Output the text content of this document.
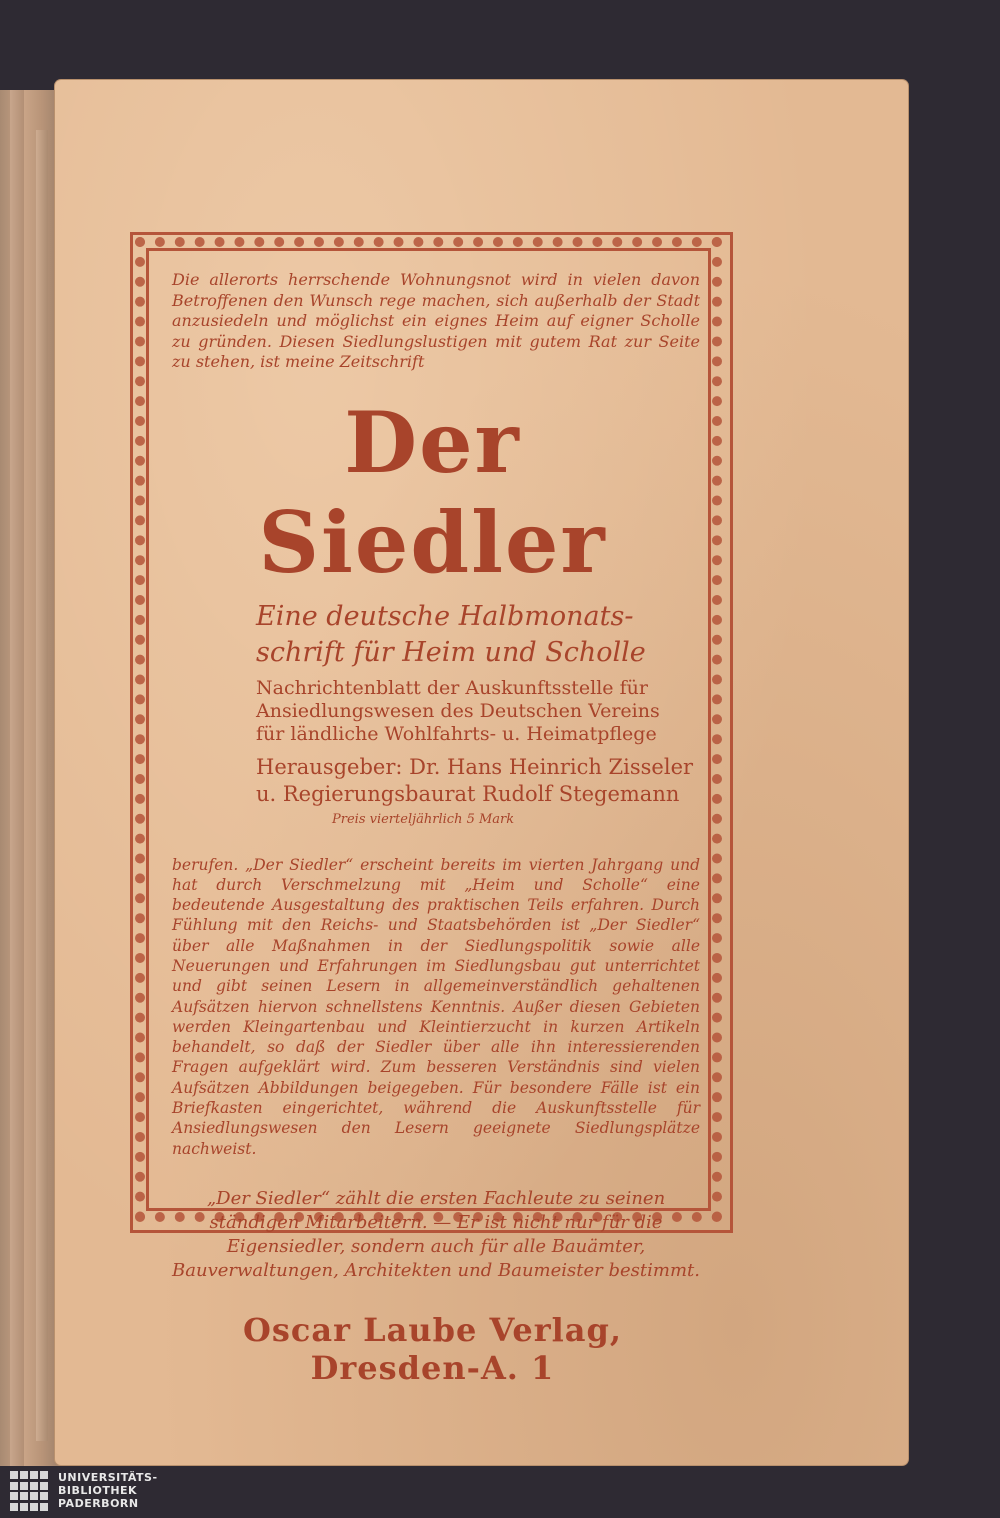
Die allerorts herrschende Wohnungsnot wird in vielen davon Betroffenen den Wunsch rege machen, sich außerhalb der Stadt anzusiedeln und möglichst ein eignes Heim auf eigner Scholle zu gründen. Diesen Siedlungslustigen mit gutem Rat zur Seite zu stehen, ist meine Zeitschrift

Der Siedler
Eine deutsche Halbmonats-
schrift für Heim und Scholle
Nachrichtenblatt der Auskunftsstelle für
Ansiedlungswesen des Deutschen Vereins
für ländliche Wohlfahrts- u. Heimatpflege
Herausgeber: Dr. Hans Heinrich Zisseler
u. Regierungsbaurat Rudolf Stegemann
Preis vierteljährlich 5 Mark

berufen. „Der Siedler“ erscheint bereits im vierten Jahrgang und hat durch Verschmelzung mit „Heim und Scholle“ eine bedeutende Ausgestaltung des praktischen Teils erfahren. Durch Fühlung mit den Reichs- und Staatsbehörden ist „Der Siedler“ über alle Maßnahmen in der Siedlungspolitik sowie alle Neuerungen und Erfahrungen im Siedlungsbau gut unterrichtet und gibt seinen Lesern in allgemeinverständlich gehaltenen Aufsätzen hiervon schnellstens Kenntnis. Außer diesen Gebieten werden Kleingartenbau und Kleintierzucht in kurzen Artikeln behandelt, so daß der Siedler über alle ihn interessierenden Fragen aufgeklärt wird. Zum besseren Verständnis sind vielen Aufsätzen Abbildungen beigegeben. Für besondere Fälle ist ein Briefkasten eingerichtet, während die Auskunftsstelle für Ansiedlungswesen den Lesern geeignete Siedlungsplätze nachweist.

„Der Siedler“ zählt die ersten Fachleute zu seinen ständigen Mitarbeitern. — Er ist nicht nur für die Eigensiedler, sondern auch für alle Bauämter, Bauverwaltungen, Architekten und Baumeister bestimmt.

Oscar Laube Verlag, Dresden-A. 1
UNIVERSITÄTS-
BIBLIOTHEK
PADERBORN
